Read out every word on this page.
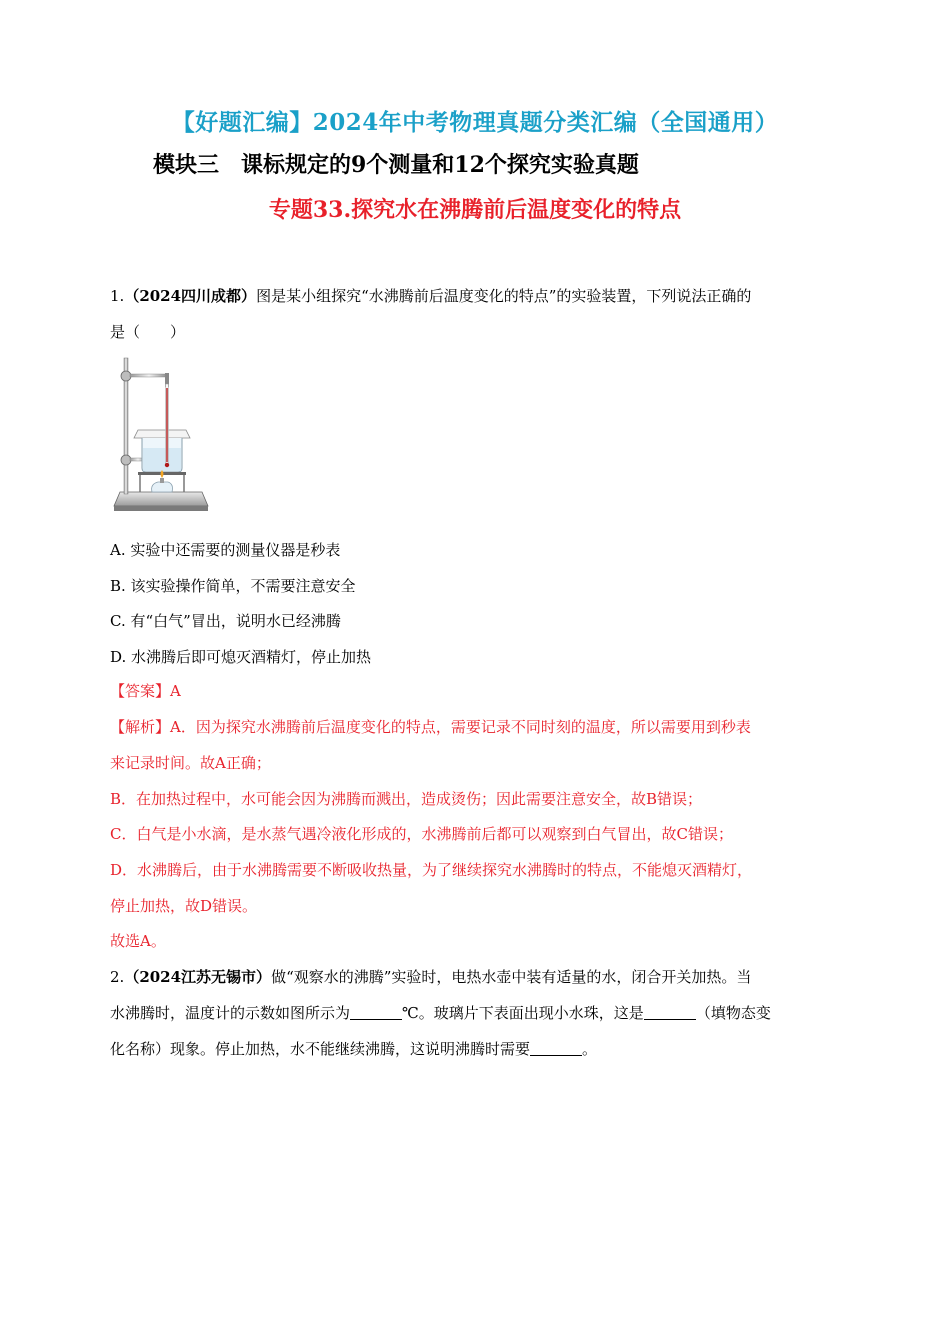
【好题汇编】2024年中考物理真题分类汇编（全国通用）
模块三　课标规定的9个测量和12个探究实验真题
专题33.探究水在沸腾前后温度变化的特点
1.（2024四川成都）图是某小组探究“水沸腾前后温度变化的特点”的实验装置，下列说法正确的
是（　　）
A. 实验中还需要的测量仪器是秒表
B. 该实验操作简单，不需要注意安全
C. 有“白气”冒出，说明水已经沸腾
D. 水沸腾后即可熄灭酒精灯，停止加热
【答案】A
【解析】A．因为探究水沸腾前后温度变化的特点，需要记录不同时刻的温度，所以需要用到秒表
来记录时间。故A正确；
B．在加热过程中，水可能会因为沸腾而溅出，造成烫伤；因此需要注意安全，故B错误；
C．白气是小水滴，是水蒸气遇冷液化形成的，水沸腾前后都可以观察到白气冒出，故C错误；
D．水沸腾后，由于水沸腾需要不断吸收热量，为了继续探究水沸腾时的特点，不能熄灭酒精灯，
停止加热，故D错误。
故选A。
2.（2024江苏无锡市）做“观察水的沸腾”实验时，电热水壶中装有适量的水，闭合开关加热。当
水沸腾时，温度计的示数如图所示为	℃。玻璃片下表面出现小水珠，这是	（填物态变
化名称）现象。停止加热，水不能继续沸腾，这说明沸腾时需要	。
